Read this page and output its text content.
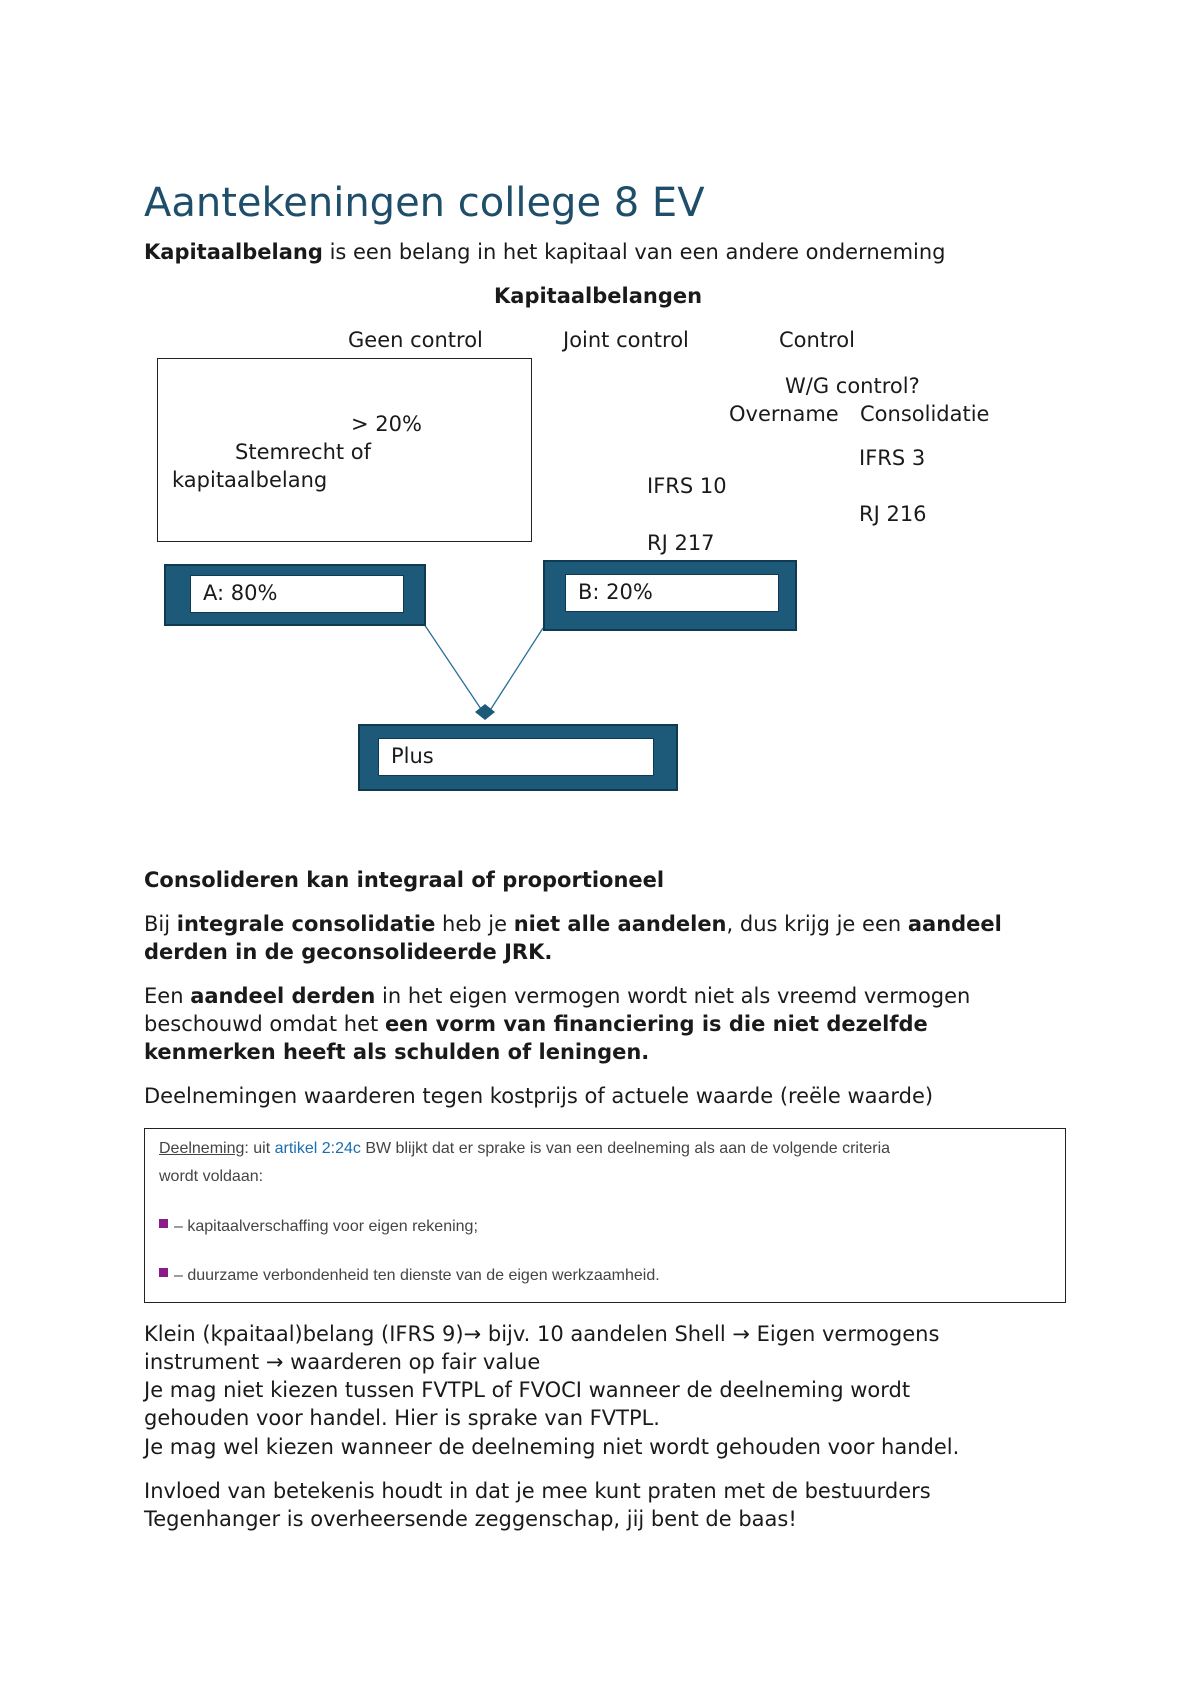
Aantekeningen college 8 EV
Kapitaalbelang is een belang in het kapitaal van een andere onderneming
Kapitaalbelangen
Geen control	Joint control	Control
> 20%
Stemrecht of
kapitaalbelang
W/G control?
Overname Consolidatie
IFRS 3
RJ 216
IFRS 10
RJ 217
A: 80%	B: 20%
Plus
Consolideren kan integraal of proportioneel
Bij integrale consolidatie heb je niet alle aandelen, dus krijg je een aandeel
derden in de geconsolideerde JRK.
Een aandeel derden in het eigen vermogen wordt niet als vreemd vermogen
beschouwd omdat het een vorm van financiering is die niet dezelfde
kenmerken heeft als schulden of leningen.
Deelnemingen waarderen tegen kostprijs of actuele waarde (reële waarde)
Deelneming: uit artikel 2:24c BW blijkt dat er sprake is van een deelneming als aan de volgende criteria
wordt voldaan:
– kapitaalverschaffing voor eigen rekening;
– duurzame verbondenheid ten dienste van de eigen werkzaamheid.
Klein (kpaitaal)belang (IFRS 9)→ bijv. 10 aandelen Shell → Eigen vermogens
instrument → waarderen op fair value
Je mag niet kiezen tussen FVTPL of FVOCI wanneer de deelneming wordt
gehouden voor handel. Hier is sprake van FVTPL.
Je mag wel kiezen wanneer de deelneming niet wordt gehouden voor handel.
Invloed van betekenis houdt in dat je mee kunt praten met de bestuurders
Tegenhanger is overheersende zeggenschap, jij bent de baas!
